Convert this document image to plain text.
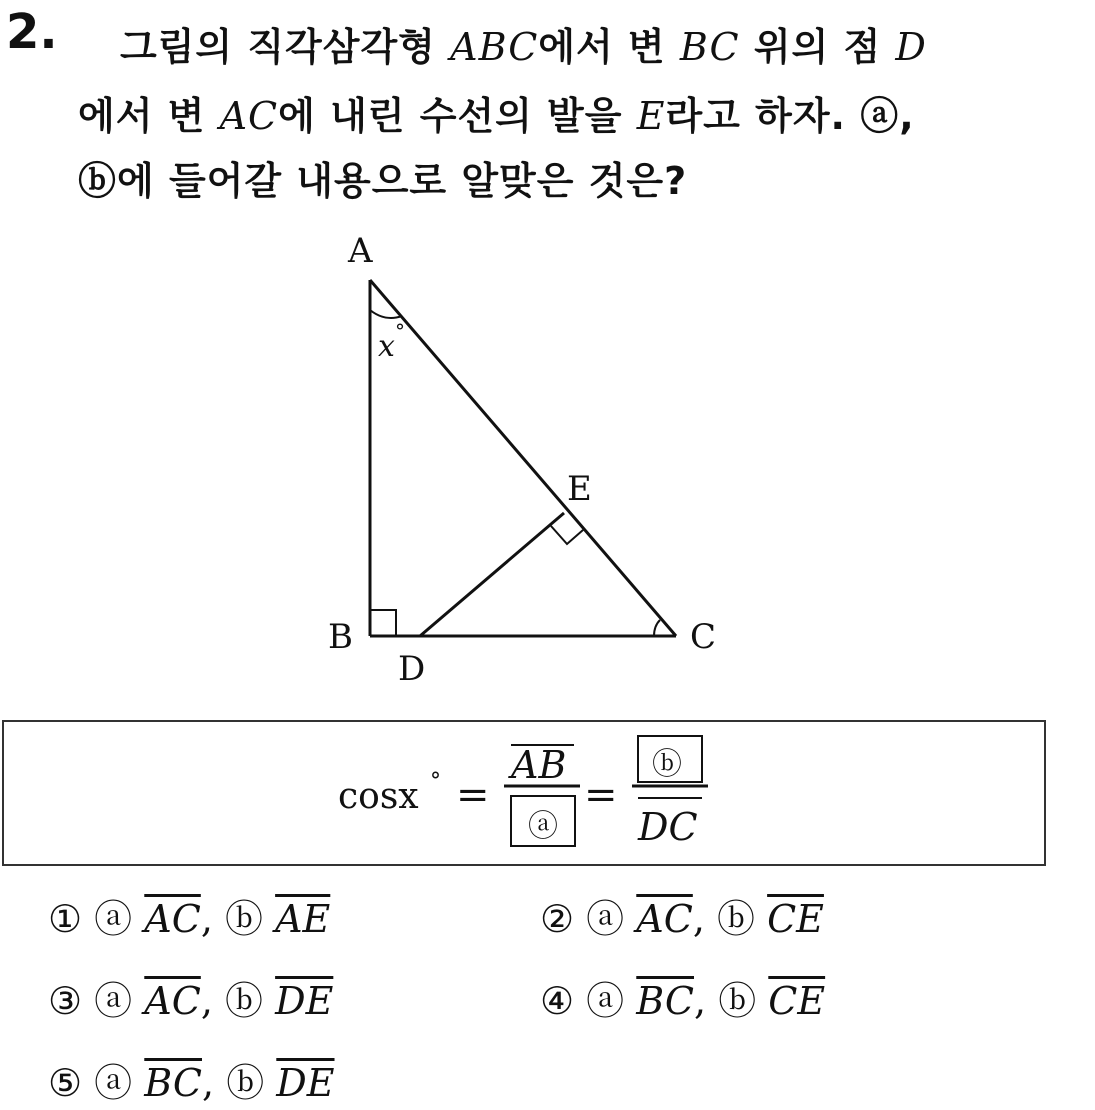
2. 그림의 직각삼각형 ABC에서 변 BC 위의 점 D
에서 변 AC에 내린 수선의 발을 E라고 하자. ⓐ,
ⓑ에 들어갈 내용으로 알맞은 것은?
A
B	C
D
E
x °
cosx ° =
AB
ⓐ
=
ⓑ
DC
① ⓐ $\overline{AC}$, ⓑ $\overline{AE}$	② ⓐ $\overline{AC}$, ⓑ $\overline{CE}$
③ ⓐ $\overline{AC}$, ⓑ $\overline{DE}$	④ ⓐ $\overline{BC}$, ⓑ $\overline{CE}$
⑤ ⓐ $\overline{BC}$, ⓑ $\overline{DE}$
